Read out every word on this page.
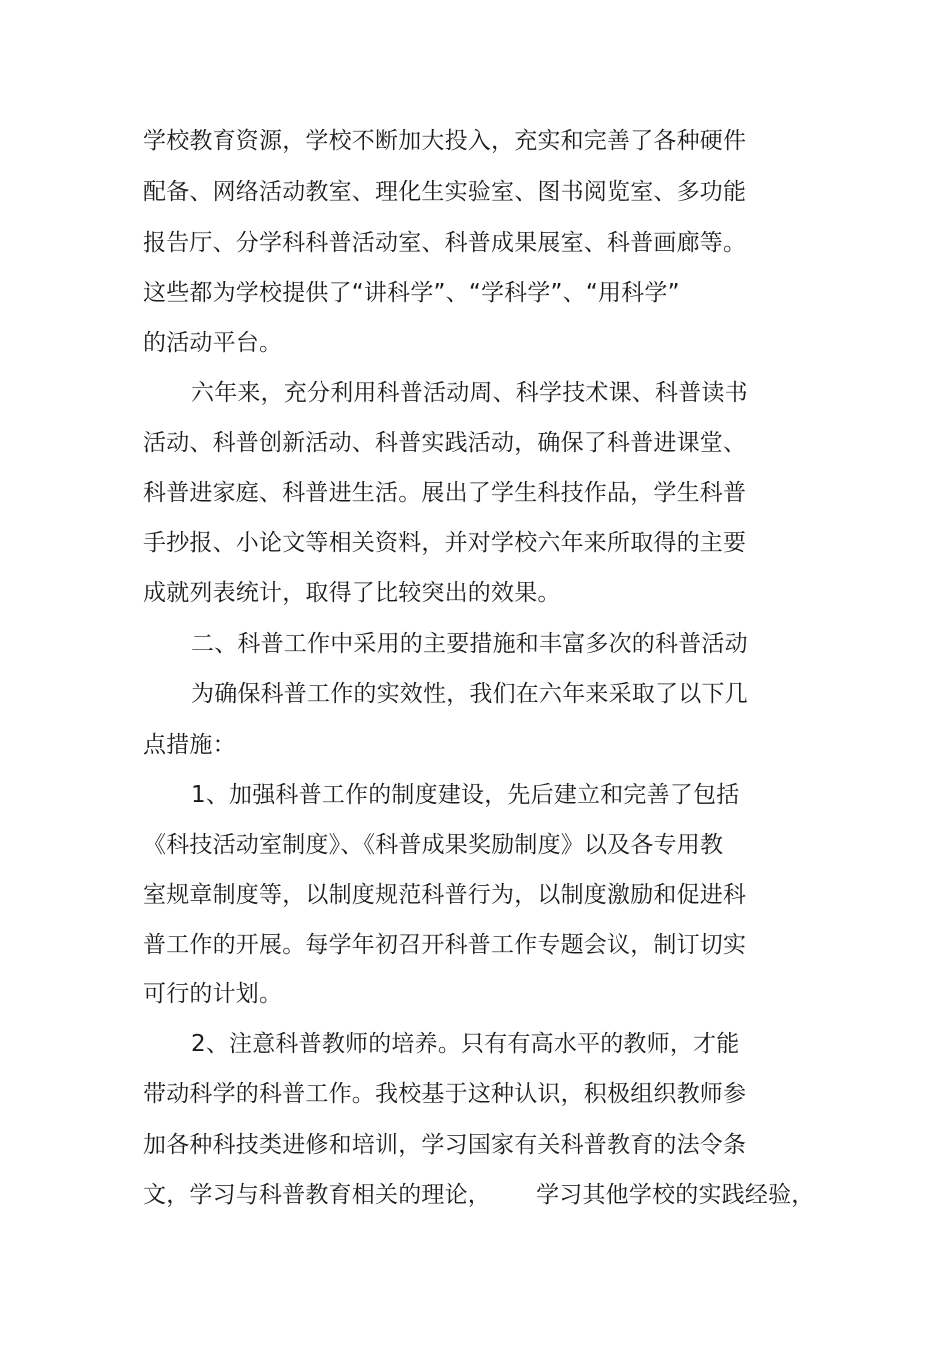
学校教育资源，学校不断加大投入，充实和完善了各种硬件
配备、网络活动教室、理化生实验室、图书阅览室、多功能
报告厅、分学科科普活动室、科普成果展室、科普画廊等。
这些都为学校提供了“讲科学”、“学科学”、“用科学”
的活动平台。
六年来，充分利用科普活动周、科学技术课、科普读书
活动、科普创新活动、科普实践活动，确保了科普进课堂、
科普进家庭、科普进生活。展出了学生科技作品，学生科普
手抄报、小论文等相关资料，并对学校六年来所取得的主要
成就列表统计，取得了比较突出的效果。
二、科普工作中采用的主要措施和丰富多次的科普活动
为确保科普工作的实效性，我们在六年来采取了以下几
点措施：
1、加强科普工作的制度建设，先后建立和完善了包括
《科技活动室制度》、《科普成果奖励制度》以及各专用教
室规章制度等，以制度规范科普行为，以制度激励和促进科
普工作的开展。每学年初召开科普工作专题会议，制订切实
可行的计划。
2、注意科普教师的培养。只有有高水平的教师，才能
带动科学的科普工作。我校基于这种认识，积极组织教师参
加各种科技类进修和培训，学习国家有关科普教育的法令条
文，学习与科普教育相关的理论，      学习其他学校的实践经验，
